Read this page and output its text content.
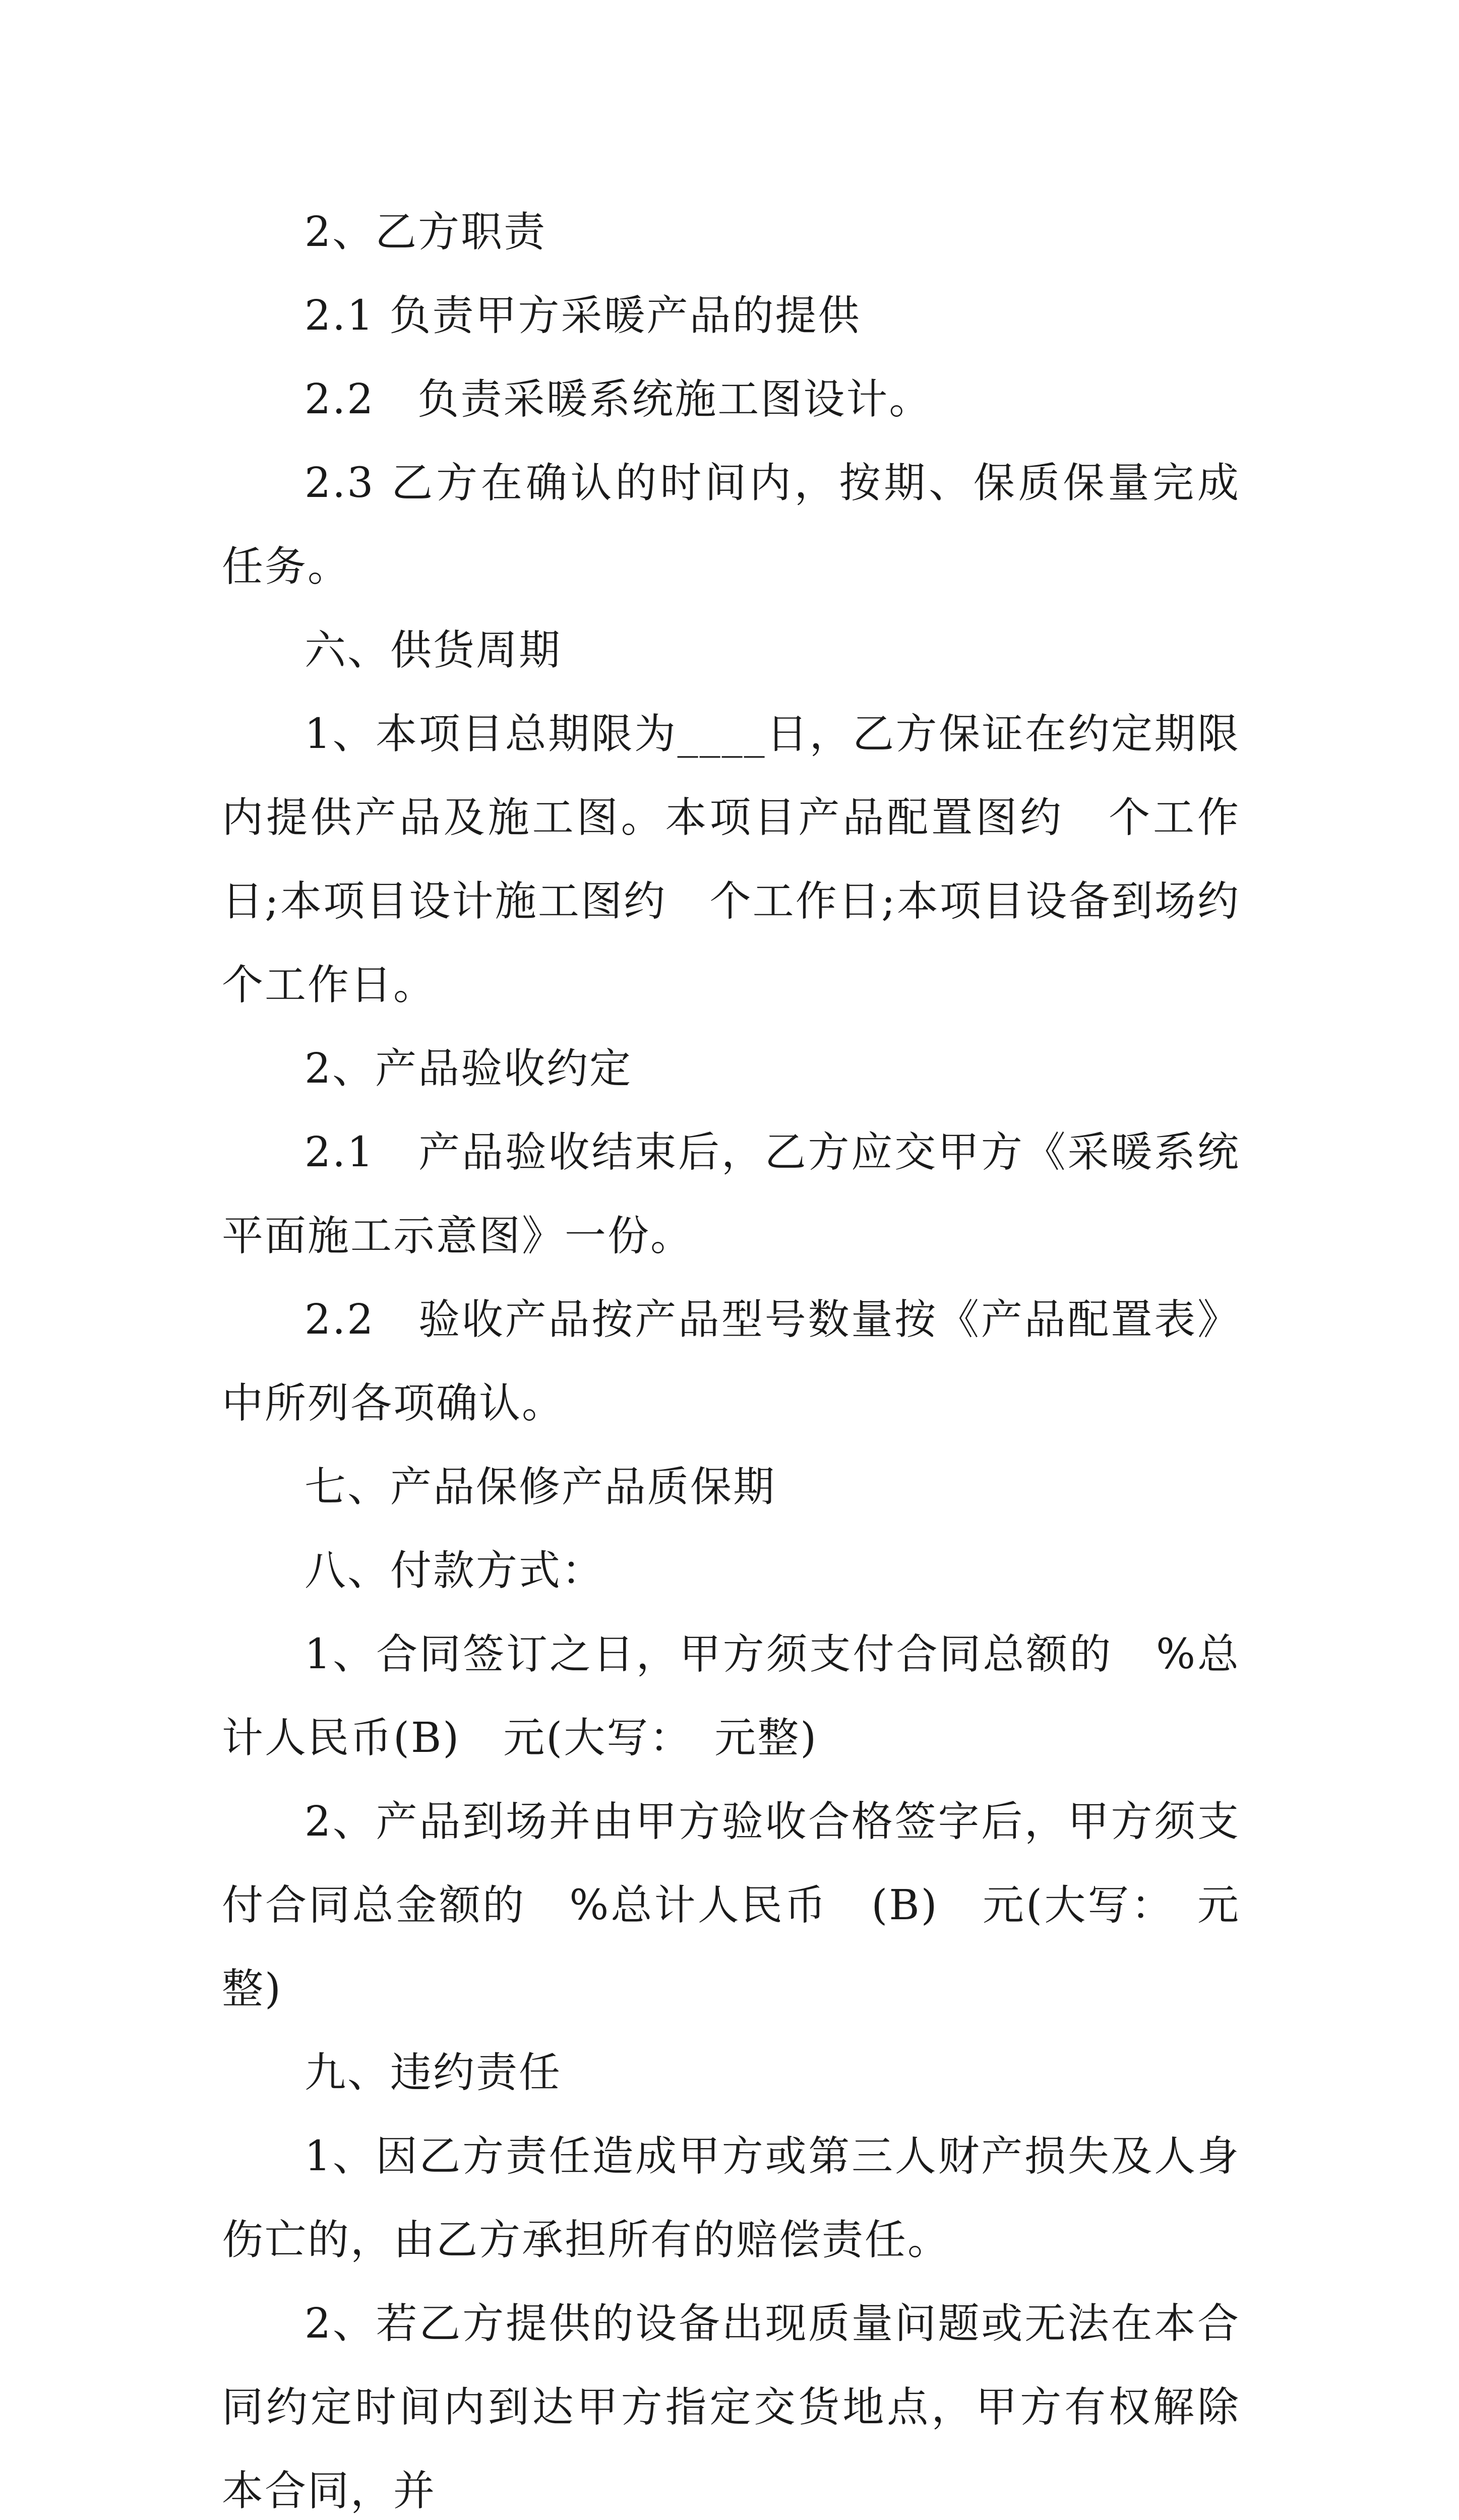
2、乙方职责

2.1 负责甲方采暖产品的提供

2.2　负责采暖系统施工图设计。

2.3 乙方在确认的时间内，按期、保质保量完成任务。

六、供货周期

1、本项目总期限为____日，乙方保证在约定期限内提供产品及施工图。本项目产品配置图约　个工作日;本项目设计施工图约　个工作日;本项目设备到场约　个工作日。

2、产品验收约定

2.1　产品验收结束后，乙方应交甲方《采暖系统平面施工示意图》一份。

2.2　验收产品按产品型号数量按《产品配置表》中所列各项确认。

七、产品保修产品质保期

八、付款方式：

1、合同签订之日，甲方须支付合同总额的　%总计人民币(B)　元(大写：　元整)

2、产品到场并由甲方验收合格签字后，甲方须支付合同总金额的　%总计人民币　(B)　元(大写：　元整)

九、违约责任

1、因乙方责任造成甲方或第三人财产损失及人身伤亡的，由乙方承担所有的赔偿责任。

2、若乙方提供的设备出现质量问题或无法在本合同约定时间内到达甲方指定交货地点，甲方有权解除本合同，并
